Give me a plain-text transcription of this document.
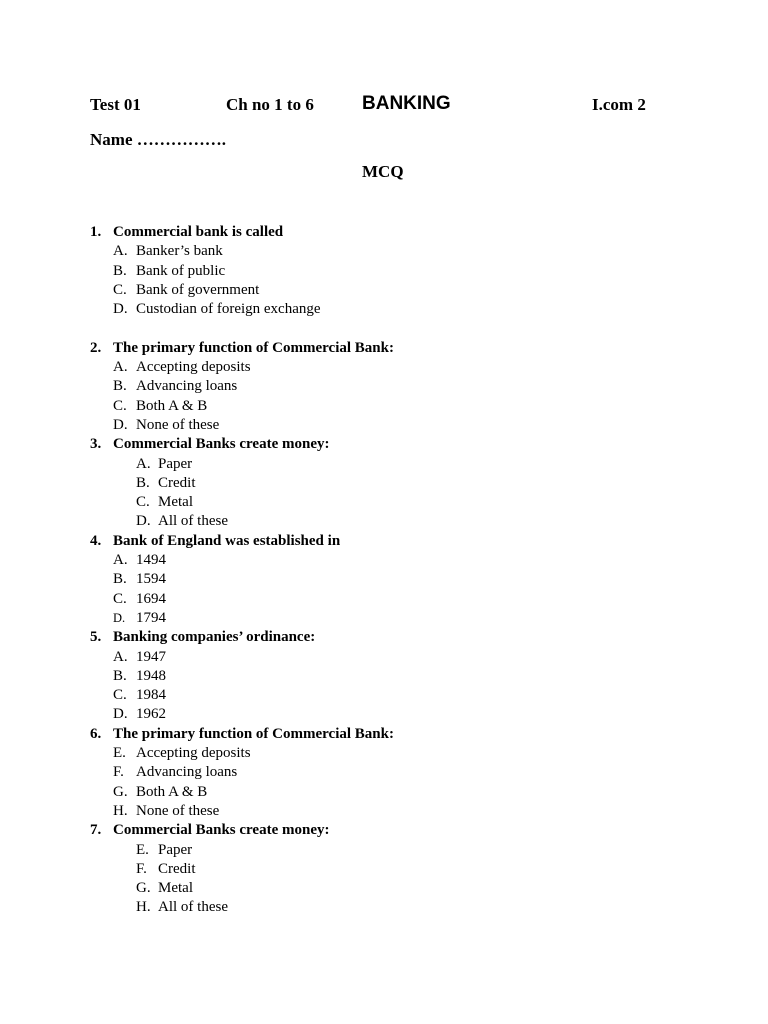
Test 01	Ch no 1 to 6	BANKING	I.com 2
Name …………….
MCQ
1. Commercial bank is called
A. Banker’s bank
B. Bank of public
C. Bank of government
D. Custodian of foreign exchange
2. The primary function of Commercial Bank:
A. Accepting deposits
B. Advancing loans
C. Both A & B
D. None of these
3. Commercial Banks create money:
A. Paper
B. Credit
C. Metal
D. All of these
4. Bank of England was established in
A. 1494
B. 1594
C. 1694
D. 1794
5. Banking companies’ ordinance:
A. 1947
B. 1948
C. 1984
D. 1962
6. The primary function of Commercial Bank:
E. Accepting deposits
F. Advancing loans
G. Both A & B
H. None of these
7. Commercial Banks create money:
E. Paper
F. Credit
G. Metal
H. All of these
